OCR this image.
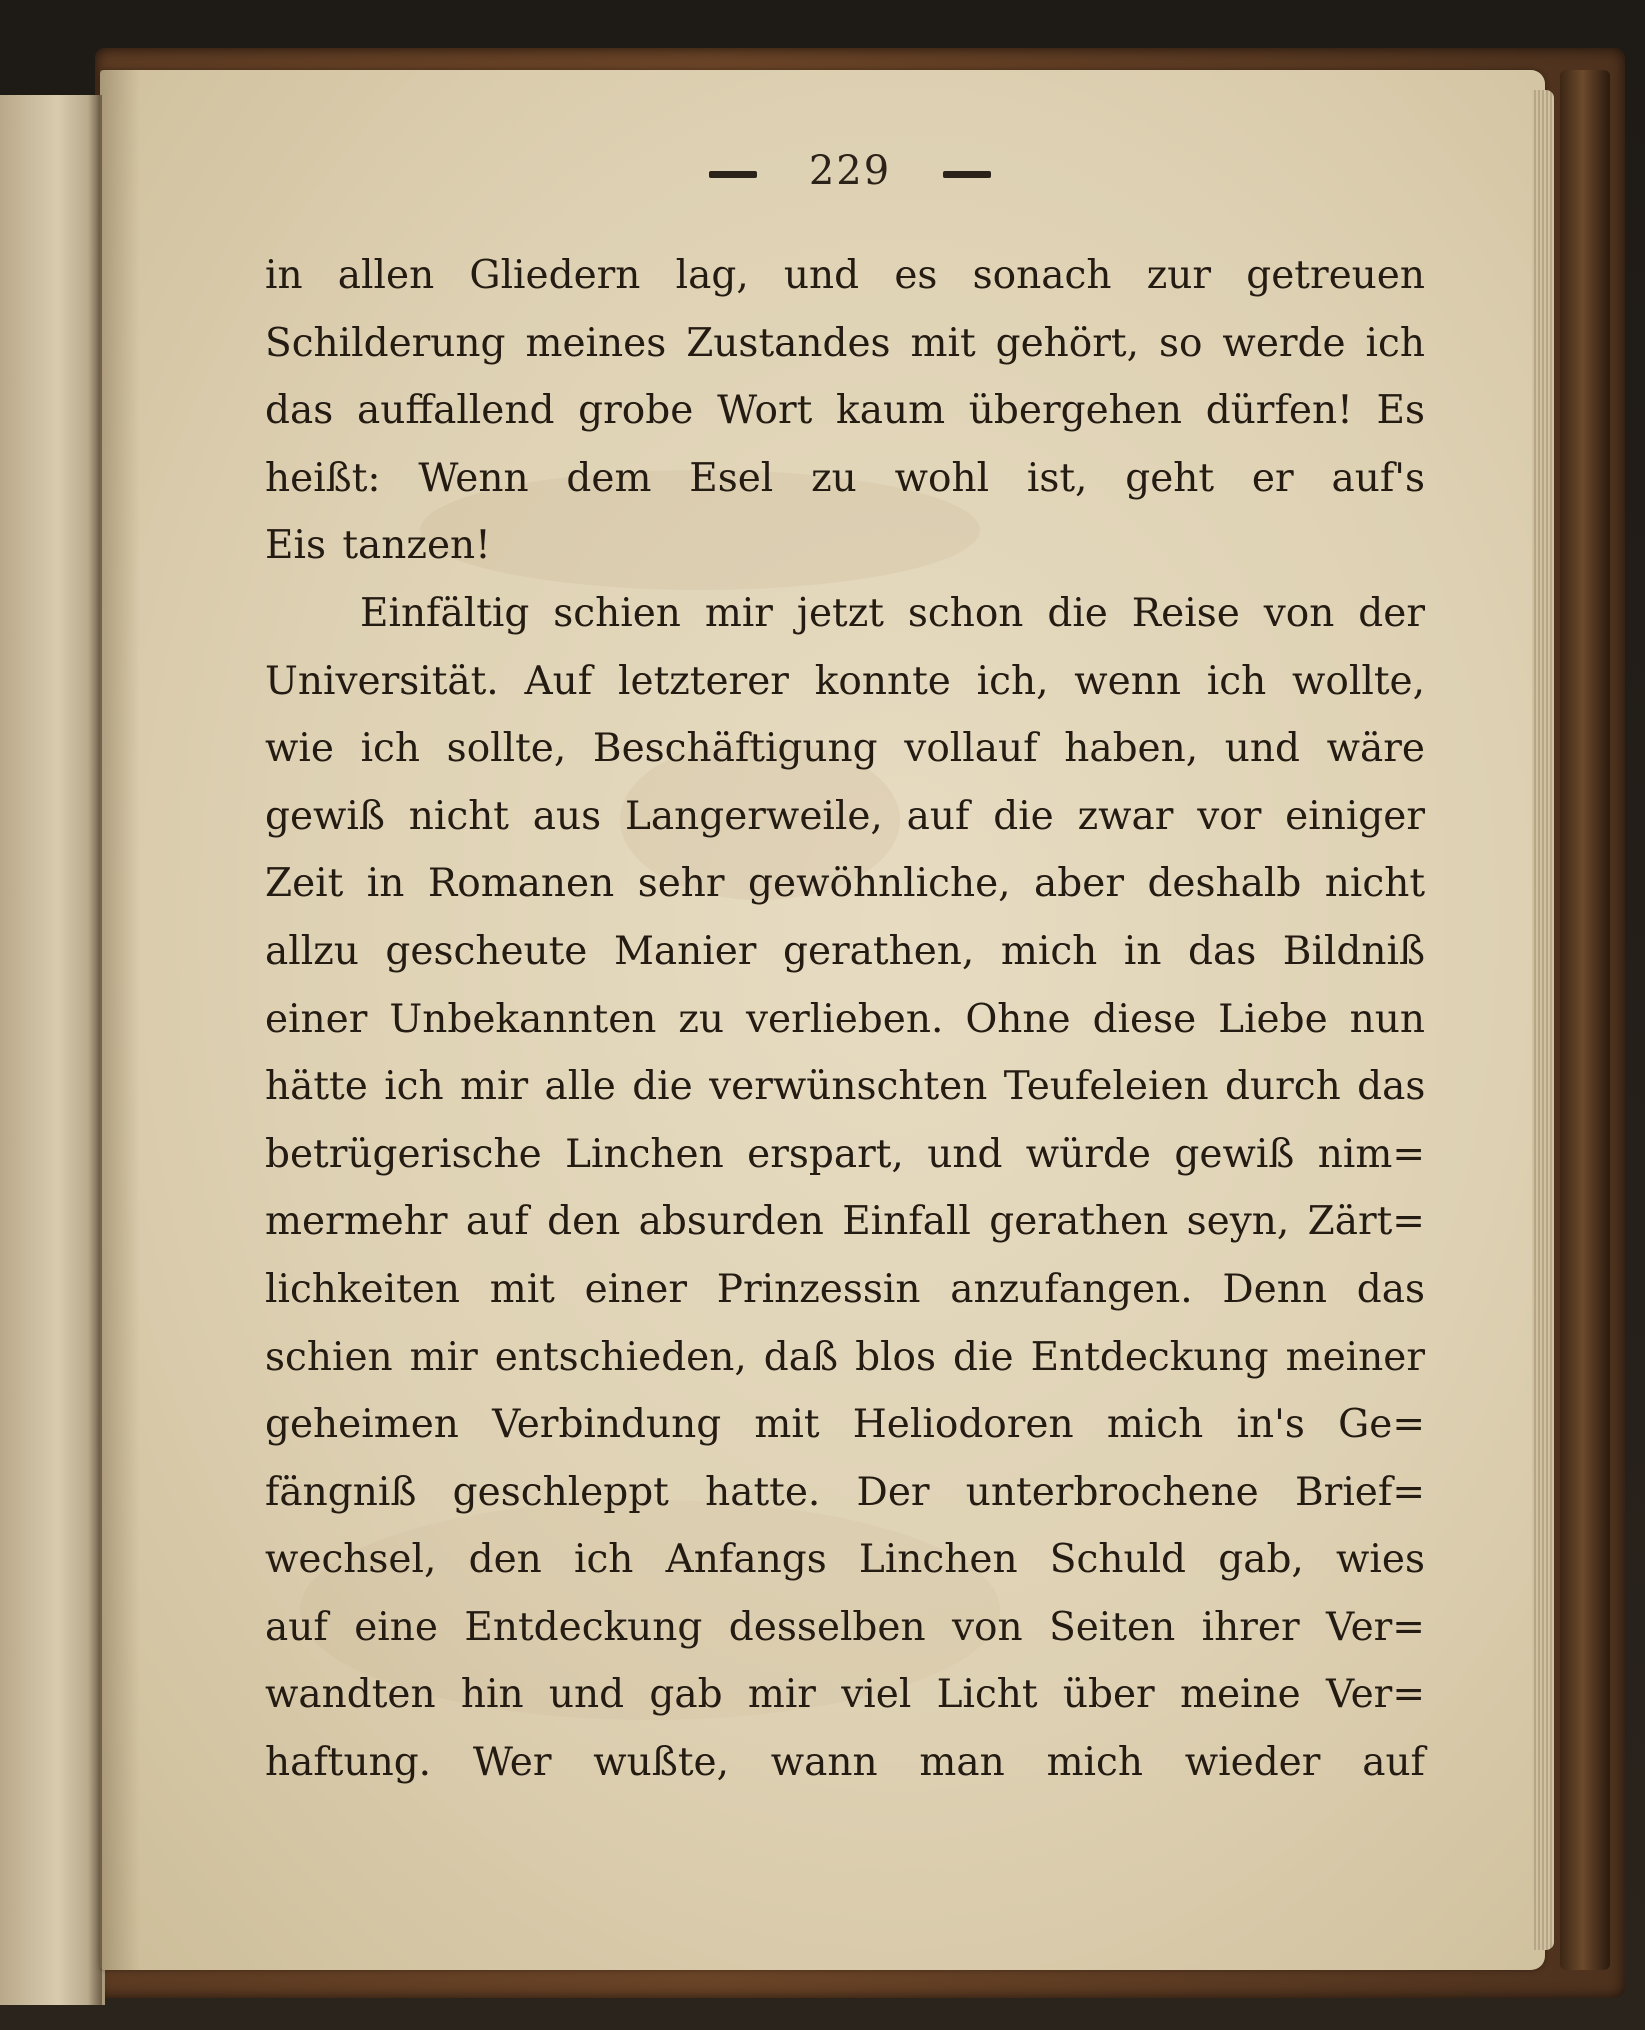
229
in allen Gliedern lag, und es sonach zur getreuen
Schilderung meines Zustandes mit gehört, so werde ich
das auffallend grobe Wort kaum übergehen dürfen! Es
heißt: Wenn dem Esel zu wohl ist, geht er auf's
Eis tanzen!
Einfältig schien mir jetzt schon die Reise von der
Universität. Auf letzterer konnte ich, wenn ich wollte,
wie ich sollte, Beschäftigung vollauf haben, und wäre
gewiß nicht aus Langerweile, auf die zwar vor einiger
Zeit in Romanen sehr gewöhnliche, aber deshalb nicht
allzu gescheute Manier gerathen, mich in das Bildniß
einer Unbekannten zu verlieben. Ohne diese Liebe nun
hätte ich mir alle die verwünschten Teufeleien durch das
betrügerische Linchen erspart, und würde gewiß nim=
mermehr auf den absurden Einfall gerathen seyn, Zärt=
lichkeiten mit einer Prinzessin anzufangen. Denn das
schien mir entschieden, daß blos die Entdeckung meiner
geheimen Verbindung mit Heliodoren mich in's Ge=
fängniß geschleppt hatte. Der unterbrochene Brief=
wechsel, den ich Anfangs Linchen Schuld gab, wies
auf eine Entdeckung desselben von Seiten ihrer Ver=
wandten hin und gab mir viel Licht über meine Ver=
haftung. Wer wußte, wann man mich wieder auf
